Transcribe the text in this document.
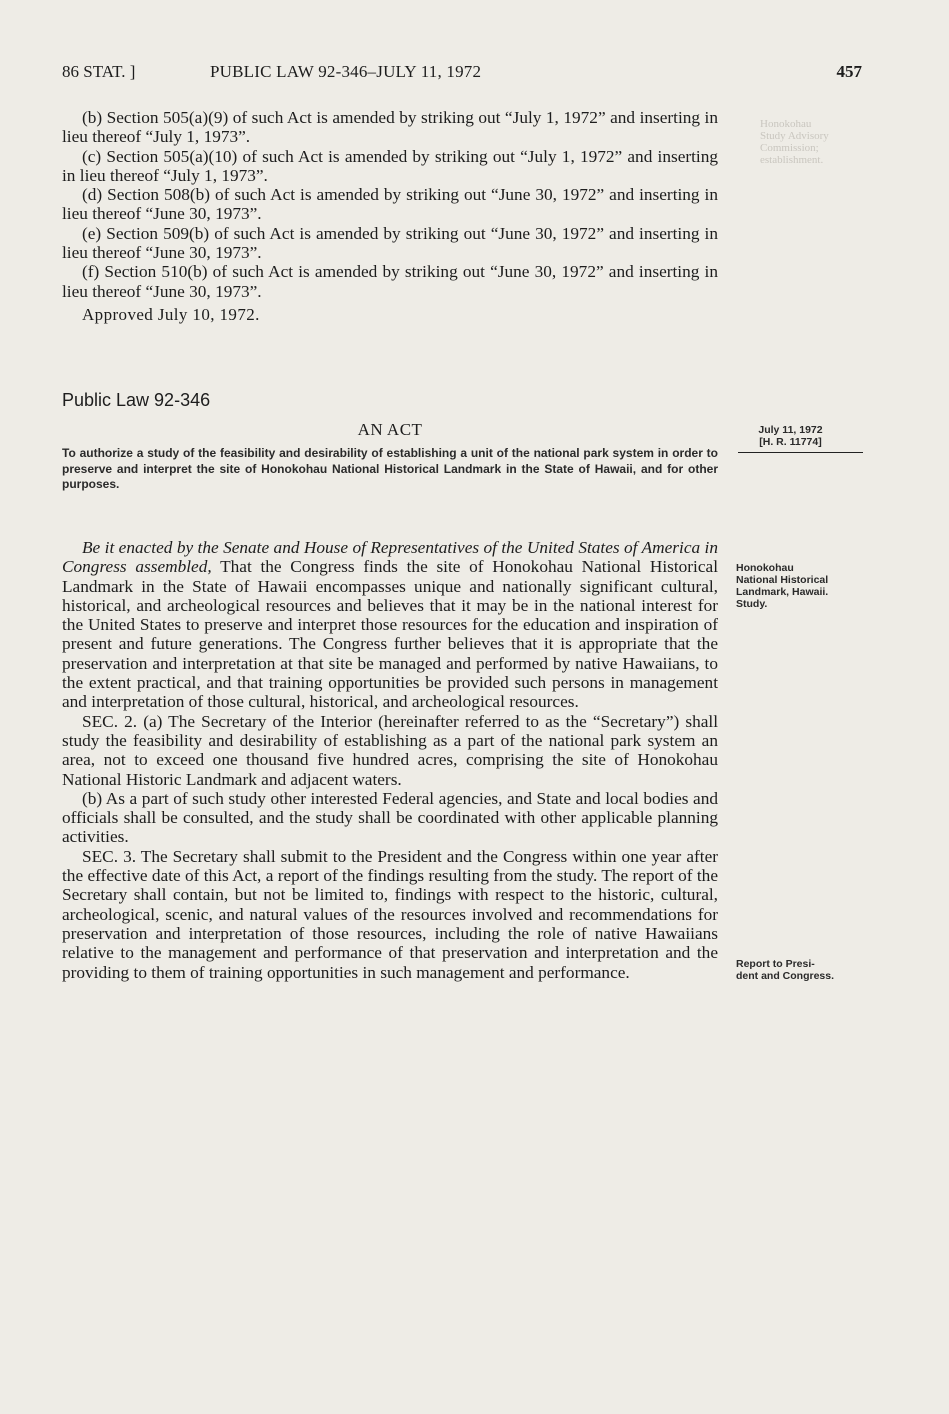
Honokohau
Study Advisory
Commission;
establishment.
86 STAT. ]	PUBLIC LAW 92-346–JULY 11, 1972	457

(b) Section 505(a)(9) of such Act is amended by striking out “July 1, 1972” and inserting in lieu thereof “July 1, 1973”.

(c) Section 505(a)(10) of such Act is amended by striking out “July 1, 1972” and inserting in lieu thereof “July 1, 1973”.

(d) Section 508(b) of such Act is amended by striking out “June 30, 1972” and inserting in lieu thereof “June 30, 1973”.

(e) Section 509(b) of such Act is amended by striking out “June 30, 1972” and inserting in lieu thereof “June 30, 1973”.

(f) Section 510(b) of such Act is amended by striking out “June 30, 1972” and inserting in lieu thereof “June 30, 1973”.

Approved July 10, 1972.
Public Law 92-346
AN ACT	July 11, 1972
[H. R. 11774]
To authorize a study of the feasibility and desirability of establishing a unit of the national park system in order to preserve and interpret the site of Honokohau National Historical Landmark in the State of Hawaii, and for other purposes.
Honokohau
National Historical
Landmark, Hawaii.
Study.
Report to Presi-
dent and Congress.

Be it enacted by the Senate and House of Representatives of the United States of America in Congress assembled, That the Congress finds the site of Honokohau National Historical Landmark in the State of Hawaii encompasses unique and nationally significant cultural, historical, and archeological resources and believes that it may be in the national interest for the United States to preserve and interpret those resources for the education and inspiration of present and future generations. The Congress further believes that it is appropriate that the preservation and interpretation at that site be managed and performed by native Hawaiians, to the extent practical, and that training opportunities be provided such persons in management and interpretation of those cultural, historical, and archeological resources.

SEC. 2. (a) The Secretary of the Interior (hereinafter referred to as the “Secretary”) shall study the feasibility and desirability of establishing as a part of the national park system an area, not to exceed one thousand five hundred acres, comprising the site of Honokohau National Historic Landmark and adjacent waters.

(b) As a part of such study other interested Federal agencies, and State and local bodies and officials shall be consulted, and the study shall be coordinated with other applicable planning activities.

SEC. 3. The Secretary shall submit to the President and the Congress within one year after the effective date of this Act, a report of the findings resulting from the study. The report of the Secretary shall contain, but not be limited to, findings with respect to the historic, cultural, archeological, scenic, and natural values of the resources involved and recommendations for preservation and interpretation of those resources, including the role of native Hawaiians relative to the management and performance of that preservation and interpretation and the providing to them of training opportunities in such management and performance.
